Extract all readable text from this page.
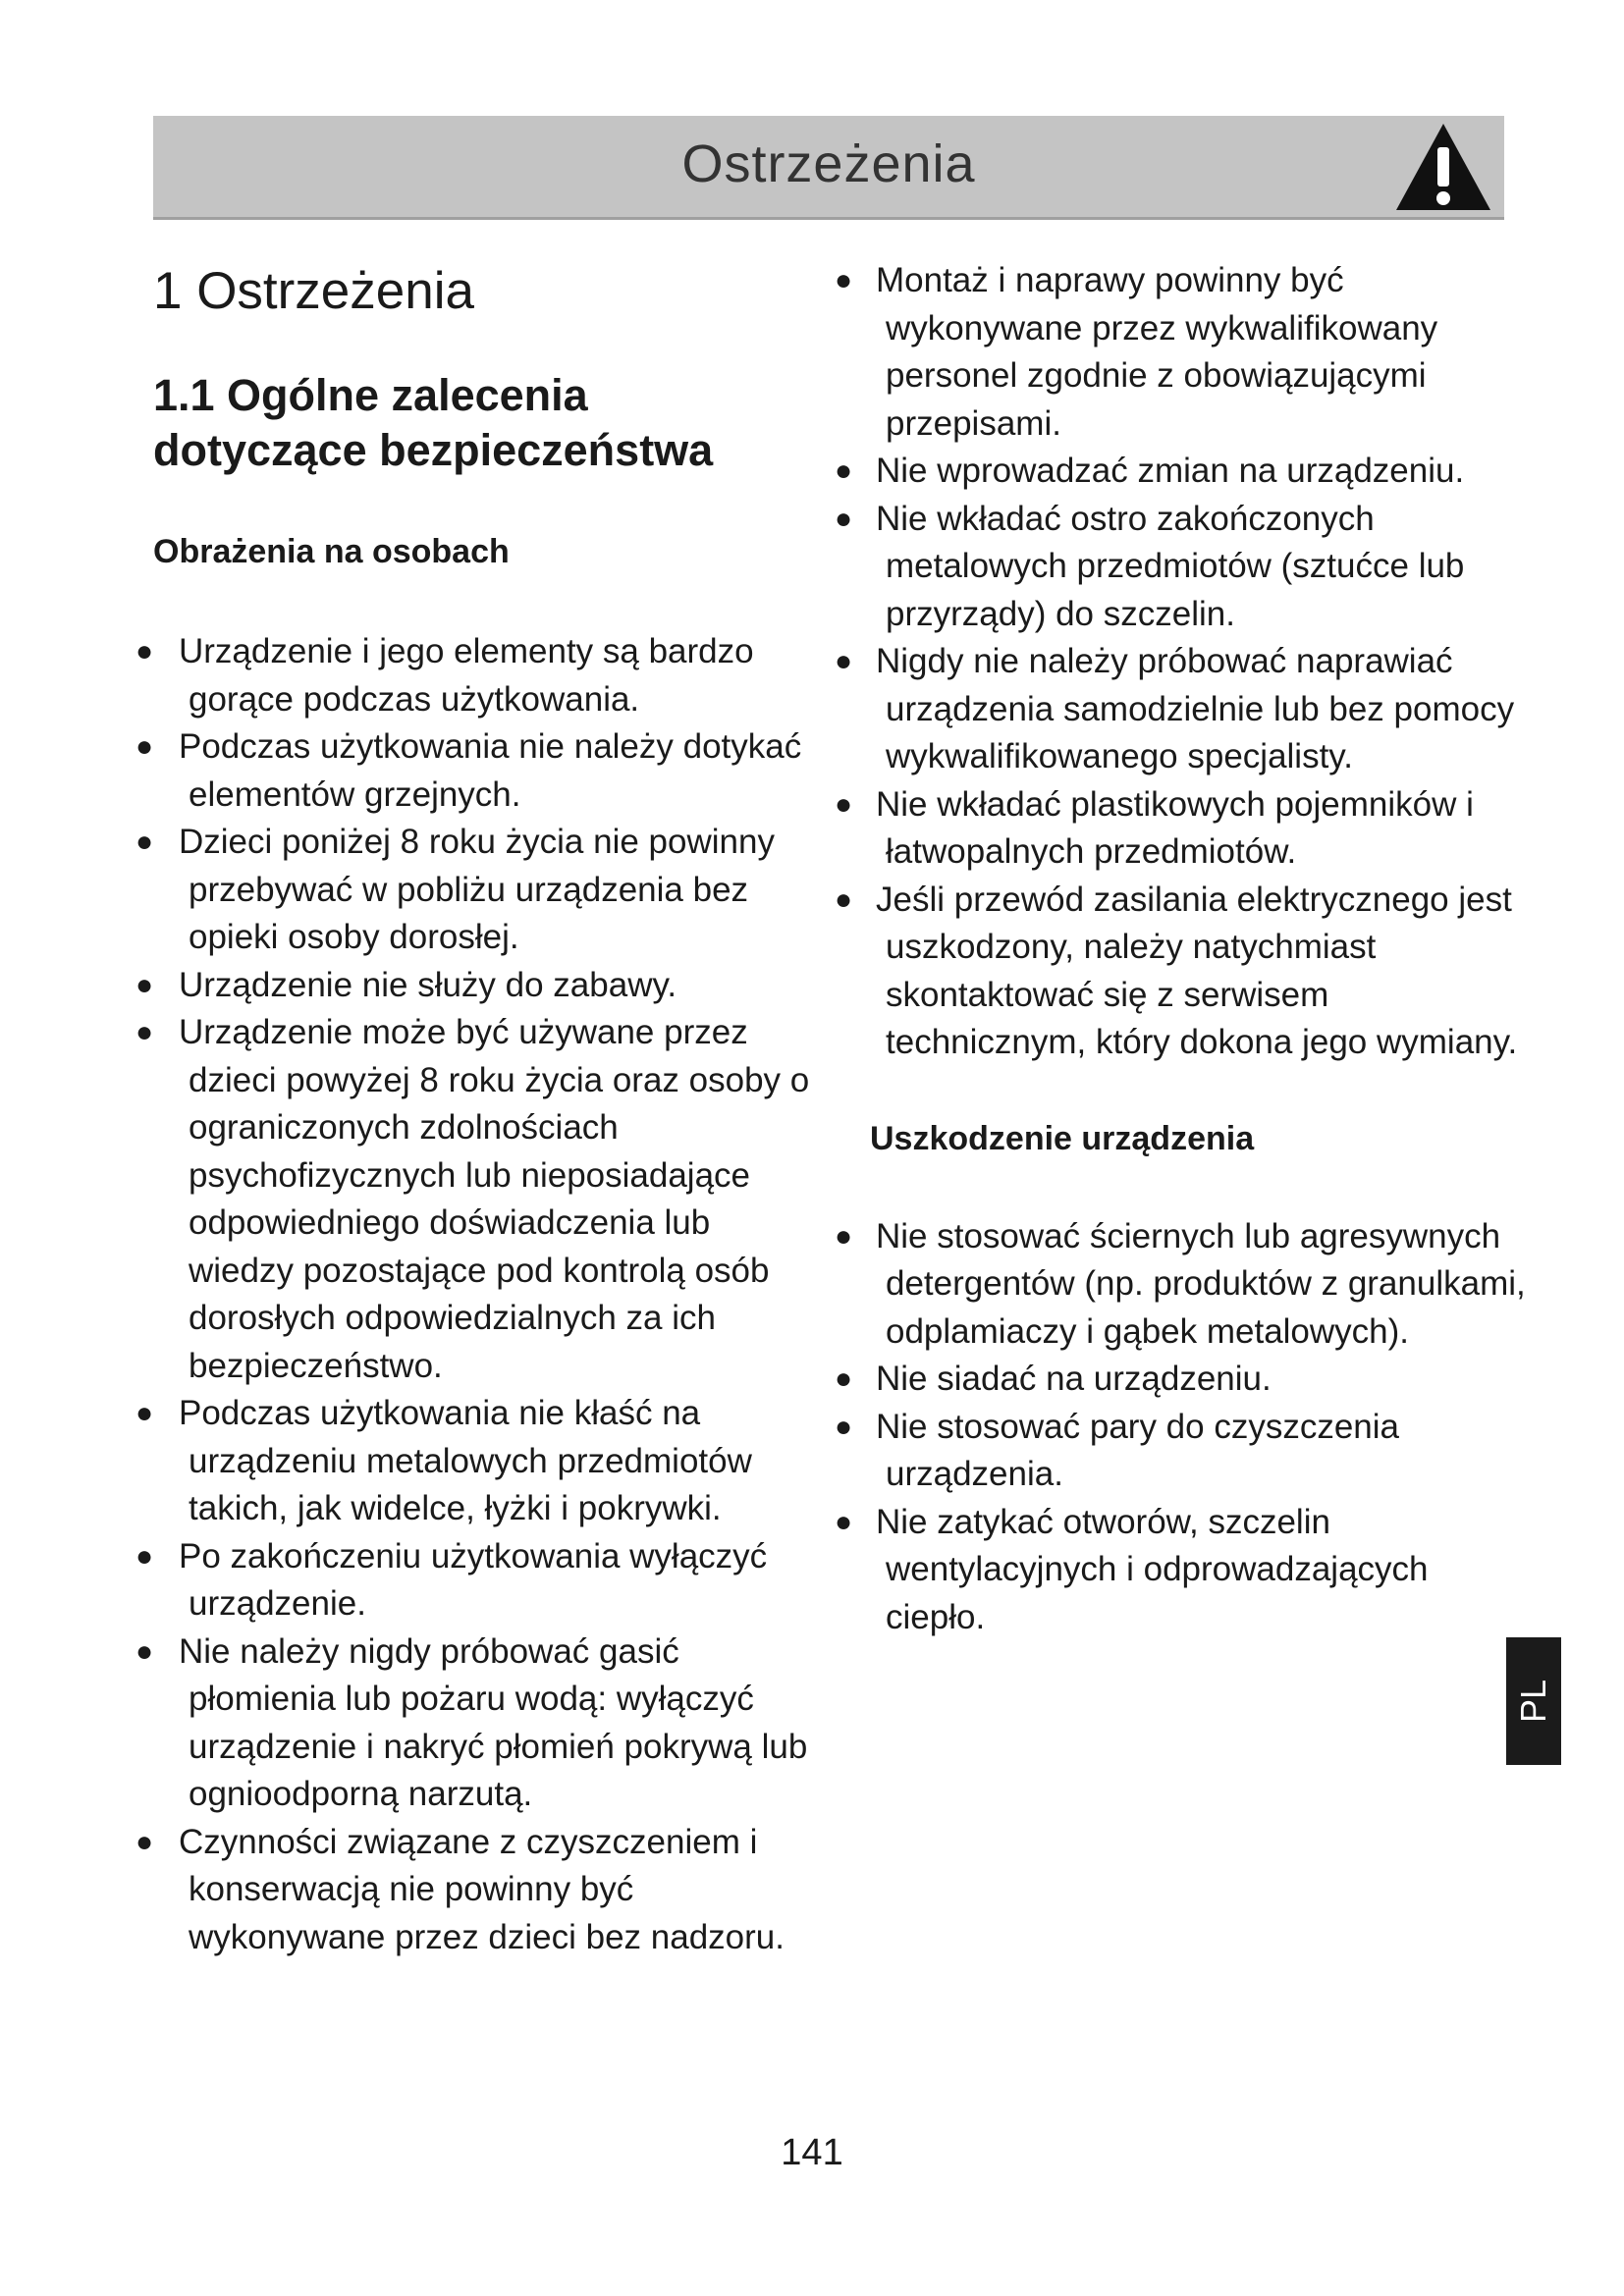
Ostrzeżenia
1 Ostrzeżenia
1.1 Ogólne zalecenia
dotyczące bezpieczeństwa
Obrażenia na osobach
● Urządzenie i jego elementy są bardzo gorące podczas użytkowania.
● Podczas użytkowania nie należy dotykać elementów grzejnych.
● Dzieci poniżej 8 roku życia nie powinny przebywać w pobliżu urządzenia bez opieki osoby dorosłej.
● Urządzenie nie służy do zabawy.
● Urządzenie może być używane przez dzieci powyżej 8 roku życia oraz osoby o ograniczonych zdolnościach psychofizycznych lub nieposiadające odpowiedniego doświadczenia lub wiedzy pozostające pod kontrolą osób dorosłych odpowiedzialnych za ich bezpieczeństwo.
● Podczas użytkowania nie kłaść na urządzeniu metalowych przedmiotów takich, jak widelce, łyżki i pokrywki.
● Po zakończeniu użytkowania wyłączyć urządzenie.
● Nie należy nigdy próbować gasić płomienia lub pożaru wodą: wyłączyć urządzenie i nakryć płomień pokrywą lub ognioodporną narzutą.
● Czynności związane z czyszczeniem i konserwacją nie powinny być wykonywane przez dzieci bez nadzoru.
● Montaż i naprawy powinny być wykonywane przez wykwalifikowany personel zgodnie z obowiązującymi przepisami.
● Nie wprowadzać zmian na urządzeniu.
● Nie wkładać ostro zakończonych metalowych przedmiotów (sztućce lub przyrządy) do szczelin.
● Nigdy nie należy próbować naprawiać urządzenia samodzielnie lub bez pomocy wykwalifikowanego specjalisty.
● Nie wkładać plastikowych pojemników i łatwopalnych przedmiotów.
● Jeśli przewód zasilania elektrycznego jest uszkodzony, należy natychmiast skontaktować się z serwisem technicznym, który dokona jego wymiany.
Uszkodzenie urządzenia
● Nie stosować ściernych lub agresywnych detergentów (np. produktów z granulkami, odplamiaczy i gąbek metalowych).
● Nie siadać na urządzeniu.
● Nie stosować pary do czyszczenia urządzenia.
● Nie zatykać otworów, szczelin wentylacyjnych i odprowadzających ciepło.
PL
141
